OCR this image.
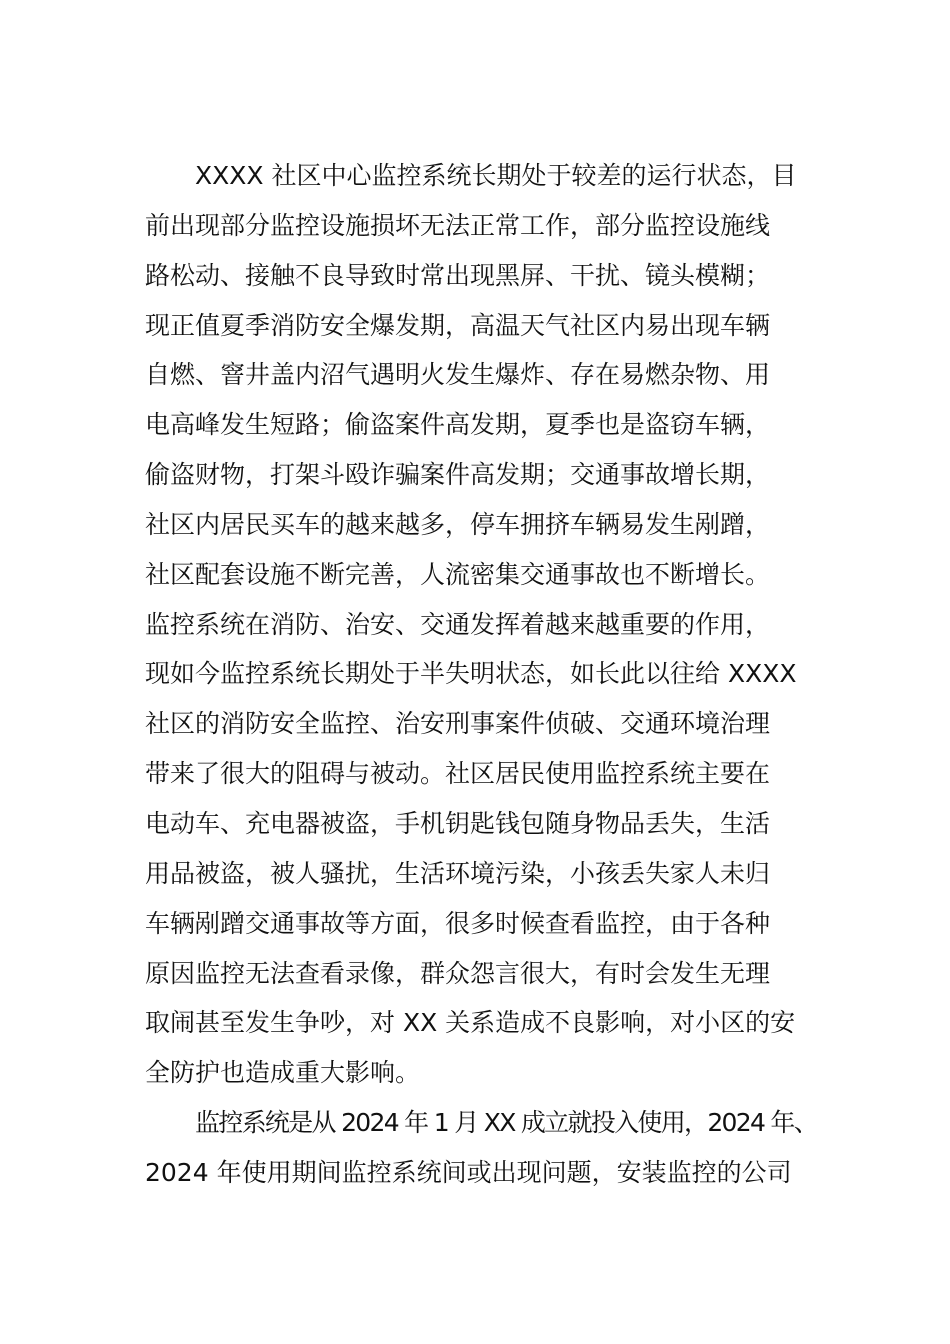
XXXX 社区中心监控系统长期处于较差的运行状态，目
前出现部分监控设施损坏无法正常工作，部分监控设施线
路松动、接触不良导致时常出现黑屏、干扰、镜头模糊；
现正值夏季消防安全爆发期，高温天气社区内易出现车辆
自燃、窨井盖内沼气遇明火发生爆炸、存在易燃杂物、用
电高峰发生短路；偷盗案件高发期，夏季也是盗窃车辆，
偷盗财物，打架斗殴诈骗案件高发期；交通事故增长期，
社区内居民买车的越来越多，停车拥挤车辆易发生剐蹭，
社区配套设施不断完善，人流密集交通事故也不断增长。
监控系统在消防、治安、交通发挥着越来越重要的作用，
现如今监控系统长期处于半失明状态，如长此以往给 XXXX
社区的消防安全监控、治安刑事案件侦破、交通环境治理
带来了很大的阻碍与被动。社区居民使用监控系统主要在
电动车、充电器被盗，手机钥匙钱包随身物品丢失，生活
用品被盗，被人骚扰，生活环境污染，小孩丢失家人未归
车辆剐蹭交通事故等方面，很多时候查看监控，由于各种
原因监控无法查看录像，群众怨言很大，有时会发生无理
取闹甚至发生争吵，对 XX 关系造成不良影响，对小区的安
全防护也造成重大影响。
监控系统是从 2024 年 1 月 XX 成立就投入使用，2024 年、
2024 年使用期间监控系统间或出现问题，安装监控的公司
